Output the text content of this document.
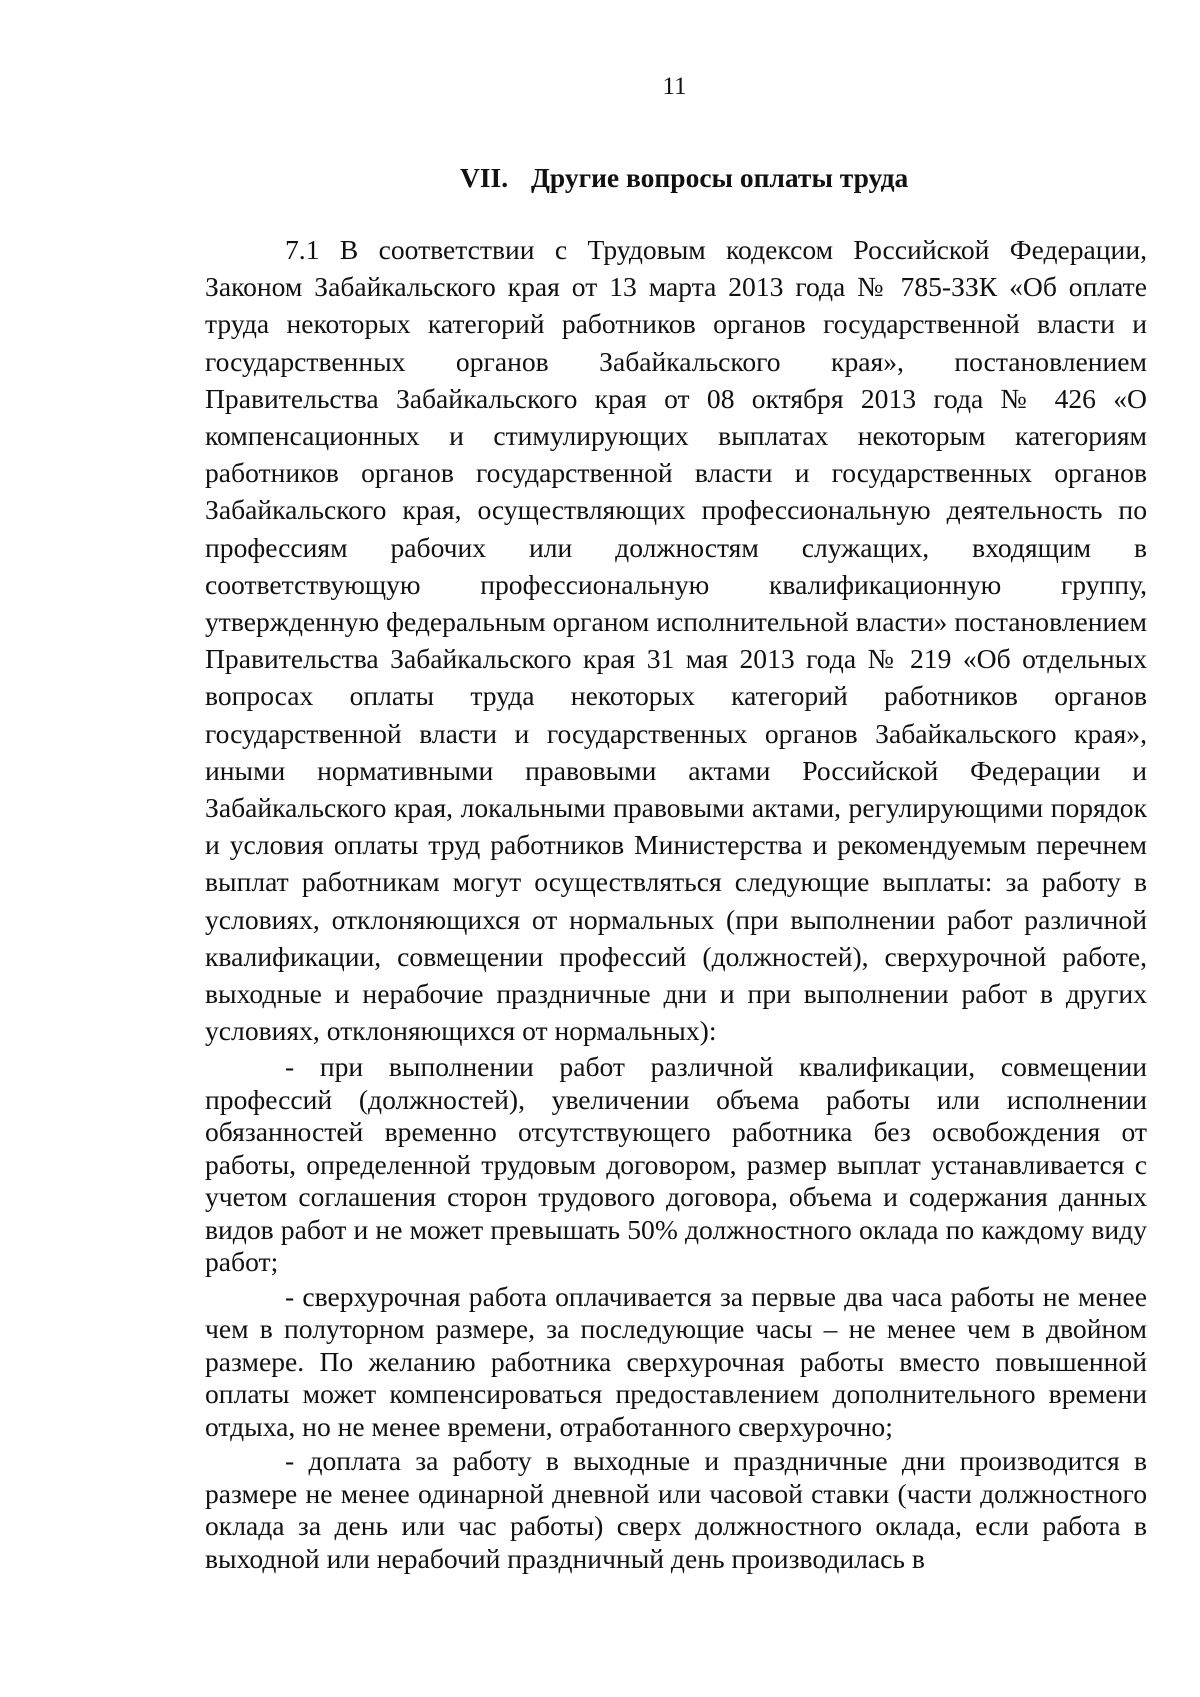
11
VII. Другие вопросы оплаты труда

7.1 В соответствии с Трудовым кодексом Российской Федерации, Законом Забайкальского края от 13 марта 2013 года № 785-ЗЗК «Об оплате труда некоторых категорий работников органов государственной власти и государственных органов Забайкальского края», постановлением Правительства Забайкальского края от 08 октября 2013 года № 426 «О компенсационных и стимулирующих выплатах некоторым категориям работников органов государственной власти и государственных органов Забайкальского края, осуществляющих профессиональную деятельность по профессиям рабочих или должностям служащих, входящим в соответствующую профессиональную квалификационную группу, утвержденную федеральным органом исполнительной власти» постановлением Правительства Забайкальского края 31 мая 2013 года № 219 «Об отдельных вопросах оплаты труда некоторых категорий работников органов государственной власти и государственных органов Забайкальского края», иными нормативными правовыми актами Российской Федерации и Забайкальского края, локальными правовыми актами, регулирующими порядок и условия оплаты труд работников Министерства и рекомендуемым перечнем выплат работникам могут осуществляться следующие выплаты: за работу в условиях, отклоняющихся от нормальных (при выполнении работ различной квалификации, совмещении профессий (должностей), сверхурочной работе, выходные и нерабочие праздничные дни и при выполнении работ в других условиях, отклоняющихся от нормальных):

- при выполнении работ различной квалификации, совмещении профессий (должностей), увеличении объема работы или исполнении обязанностей временно отсутствующего работника без освобождения от работы, определенной трудовым договором, размер выплат устанавливается с учетом соглашения сторон трудового договора, объема и содержания данных видов работ и не может превышать 50% должностного оклада по каждому виду работ;

- сверхурочная работа оплачивается за первые два часа работы не менее чем в полуторном размере, за последующие часы – не менее чем в двойном размере. По желанию работника сверхурочная работы вместо повышенной оплаты может компенсироваться предоставлением дополнительного времени отдыха, но не менее времени, отработанного сверхурочно;

- доплата за работу в выходные и праздничные дни производится в размере не менее одинарной дневной или часовой ставки (части должностного оклада за день или час работы) сверх должностного оклада, если работа в выходной или нерабочий праздничный день производилась в
